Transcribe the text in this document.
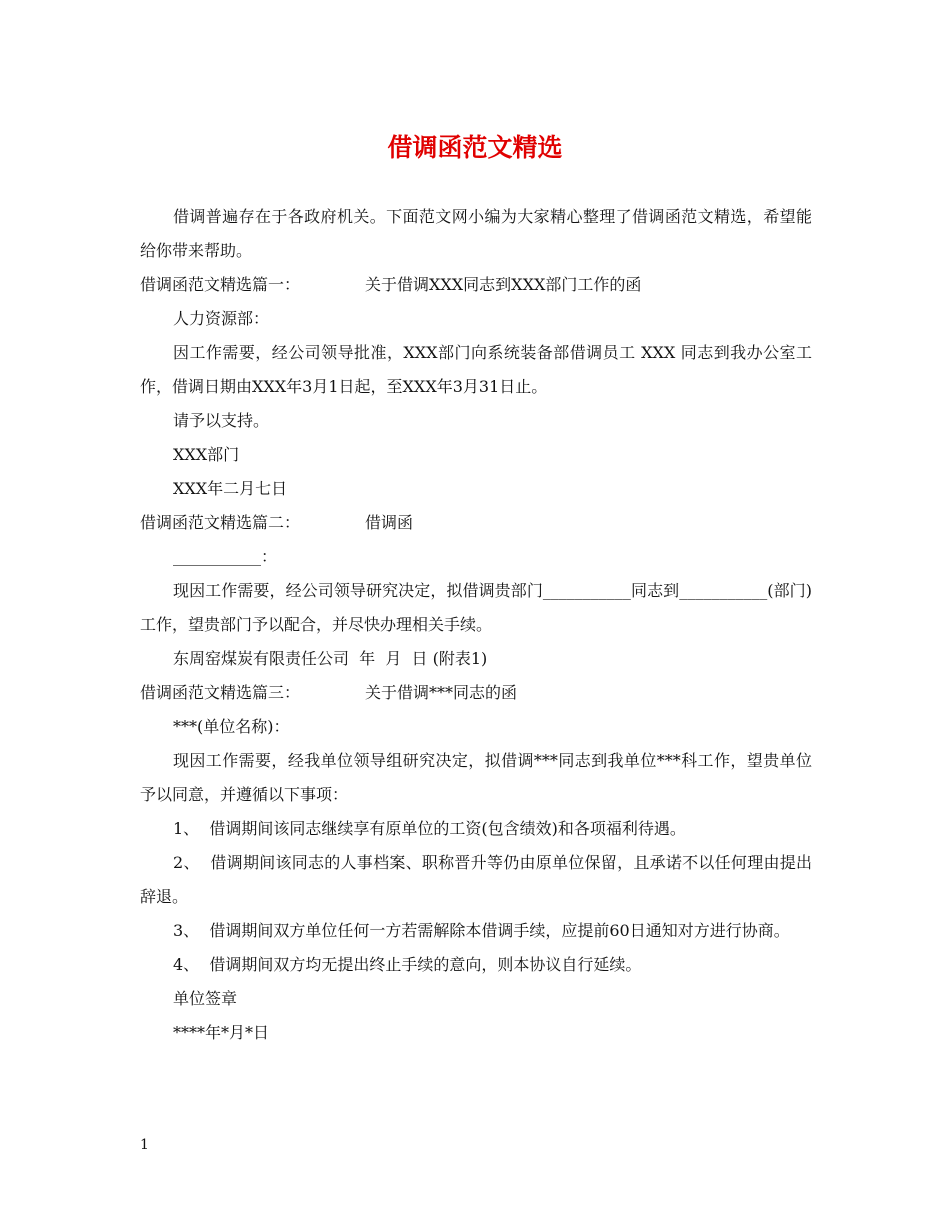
借调函范文精选

借调普遍存在于各政府机关。下面范文网小编为大家精心整理了借调函范文精选，希望能给你带来帮助。

借调函范文精选篇一：	关于借调XXX同志到XXX部门工作的函

人力资源部：

因工作需要，经公司领导批准，XXX部门向系统装备部借调员工 XXX 同志到我办公室工作，借调日期由XXX年3月1日起，至XXX年3月31日止。

请予以支持。

XXX部门

XXX年二月七日

借调函范文精选篇二：	借调函

___________：

现因工作需要，经公司领导研究决定，拟借调贵部门___________同志到___________(部门)工作，望贵部门予以配合，并尽快办理相关手续。

东周窑煤炭有限责任公司  年  月  日 (附表1)

借调函范文精选篇三：	关于借调***同志的函

***(单位名称)：

现因工作需要，经我单位领导组研究决定，拟借调***同志到我单位***科工作，望贵单位予以同意，并遵循以下事项：

1、  借调期间该同志继续享有原单位的工资(包含绩效)和各项福利待遇。

2、  借调期间该同志的人事档案、职称晋升等仍由原单位保留，且承诺不以任何理由提出辞退。

3、  借调期间双方单位任何一方若需解除本借调手续，应提前60日通知对方进行协商。

4、  借调期间双方均无提出终止手续的意向，则本协议自行延续。

单位签章

****年*月*日

1
